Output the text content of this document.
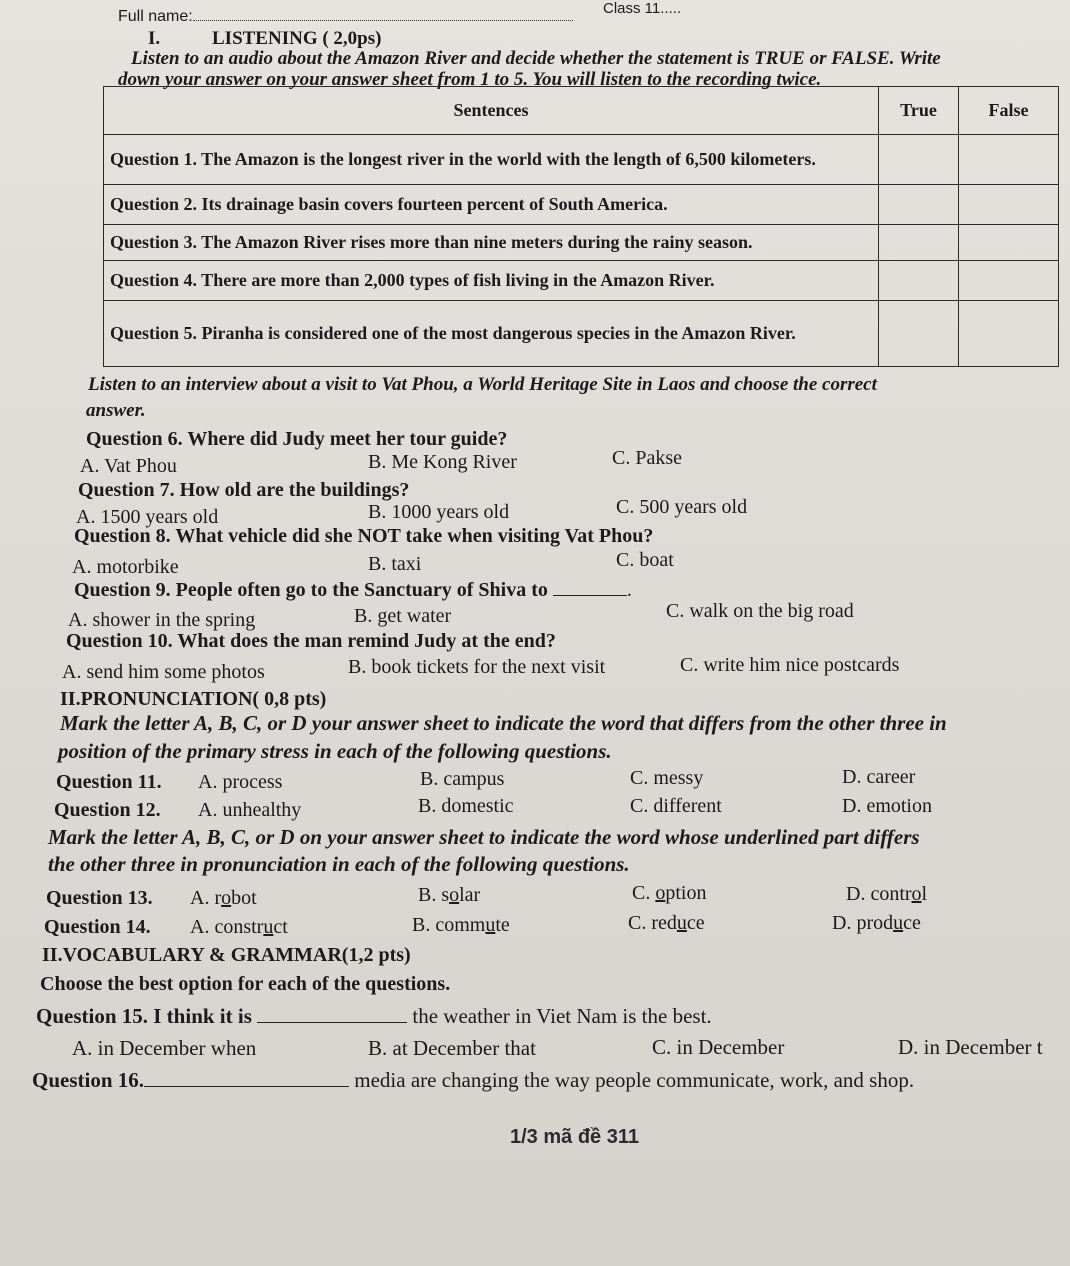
Full name:	Class 11.....
I.	LISTENING ( 2,0ps)
Listen to an audio about the Amazon River and decide whether the statement is TRUE or FALSE. Write
down your answer on your answer sheet from 1 to 5. You will listen to the recording twice.
Sentences	True	False
Question 1. The Amazon is the longest river in the world with the length of 6,500 kilometers.		
Question 2. Its drainage basin covers fourteen percent of South America.		
Question 3. The Amazon River rises more than nine meters during the rainy season.		
Question 4. There are more than 2,000 types of fish living in the Amazon River.		
Question 5. Piranha is considered one of the most dangerous species in the Amazon River.		
Listen to an interview about a visit to Vat Phou, a World Heritage Site in Laos and choose the correct
answer.
Question 6. Where did Judy meet her tour guide?
A. Vat Phou	B. Me Kong River	C. Pakse
Question 7. How old are the buildings?
A. 1500 years old	B. 1000 years old	C. 500 years old
Question 8. What vehicle did she NOT take when visiting Vat Phou?
A. motorbike	B. taxi	C. boat
Question 9. People often go to the Sanctuary of Shiva to	.
A. shower in the spring	B. get water	C. walk on the big road
Question 10. What does the man remind Judy at the end?
A. send him some photos	B. book tickets for the next visit	C. write him nice postcards
II.PRONUNCIATION( 0,8 pts)
Mark the letter A, B, C, or D your answer sheet to indicate the word that differs from the other three in
position of the primary stress in each of the following questions.
Question 11. A. process	B. campus	C. messy	D. career
Question 12. A. unhealthy	B. domestic	C. different	D. emotion
Mark the letter A, B, C, or D on your answer sheet to indicate the word whose underlined part differs
the other three in pronunciation in each of the following questions.
Question 13. A. robot	B. solar	C. option	D. control
Question 14. A. construct	B. commute	C. reduce	D. produce
II.VOCABULARY & GRAMMAR(1,2 pts)
Choose the best option for each of the questions.
Question 15. I think it is	the weather in Viet Nam is the best.
A. in December when	B. at December that	C. in December	D. in December t
Question 16.	media are changing the way people communicate, work, and shop.
1/3 mã đề 311
